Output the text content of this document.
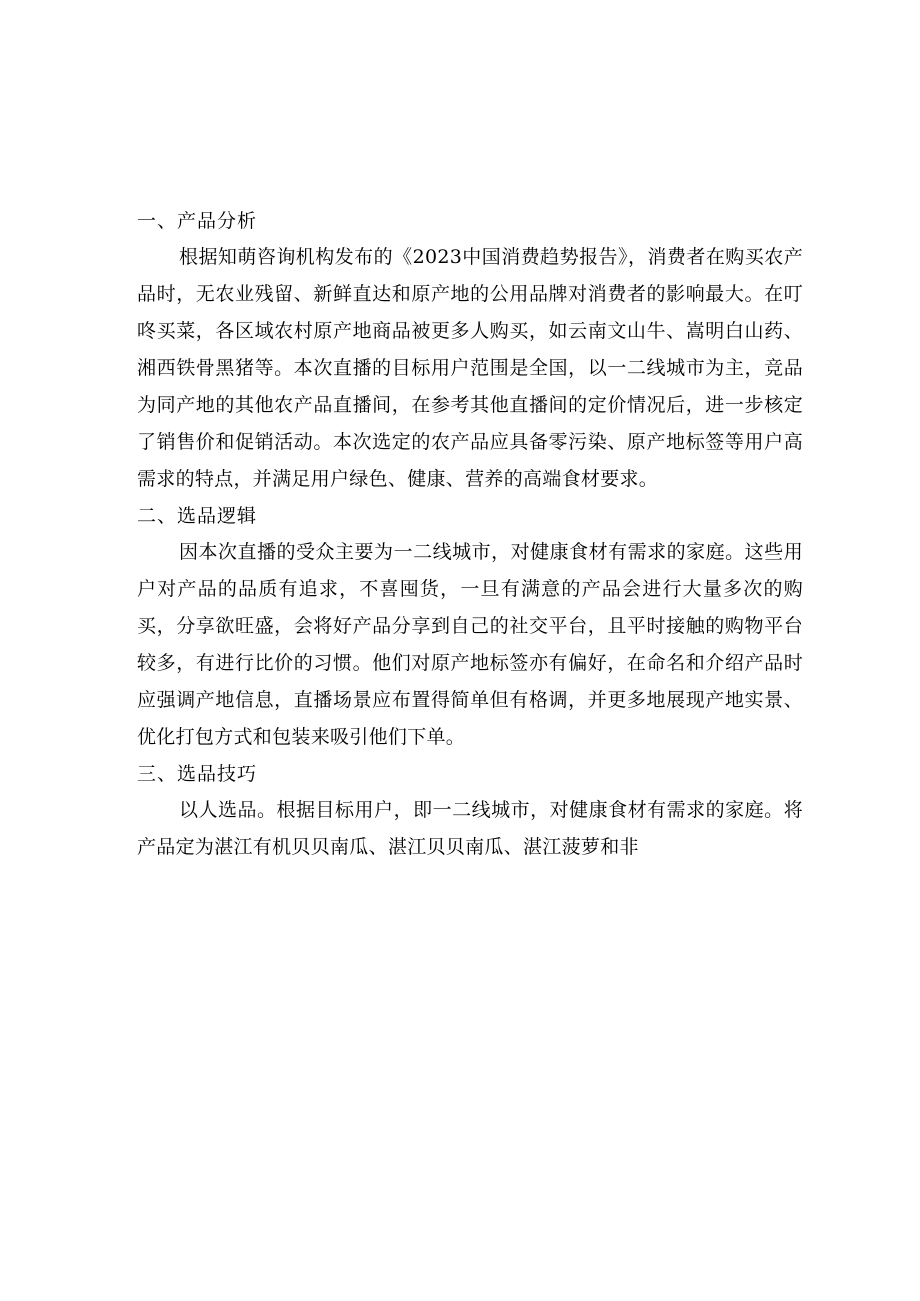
一、产品分析

根据知萌咨询机构发布的《2023中国消费趋势报告》，消费者在购买农产品时，无农业残留、新鲜直达和原产地的公用品牌对消费者的影响最大。在叮咚买菜，各区域农村原产地商品被更多人购买，如云南文山牛、嵩明白山药、湘西铁骨黑猪等。本次直播的目标用户范围是全国，以一二线城市为主，竞品为同产地的其他农产品直播间，在参考其他直播间的定价情况后，进一步核定了销售价和促销活动。本次选定的农产品应具备零污染、原产地标签等用户高需求的特点，并满足用户绿色、健康、营养的高端食材要求。

二、选品逻辑

因本次直播的受众主要为一二线城市，对健康食材有需求的家庭。这些用户对产品的品质有追求，不喜囤货，一旦有满意的产品会进行大量多次的购买，分享欲旺盛，会将好产品分享到自己的社交平台，且平时接触的购物平台较多，有进行比价的习惯。他们对原产地标签亦有偏好，在命名和介绍产品时应强调产地信息，直播场景应布置得简单但有格调，并更多地展现产地实景、优化打包方式和包装来吸引他们下单。

三、选品技巧

以人选品。根据目标用户，即一二线城市，对健康食材有需求的家庭。将产品定为湛江有机贝贝南瓜、湛江贝贝南瓜、湛江菠萝和非
